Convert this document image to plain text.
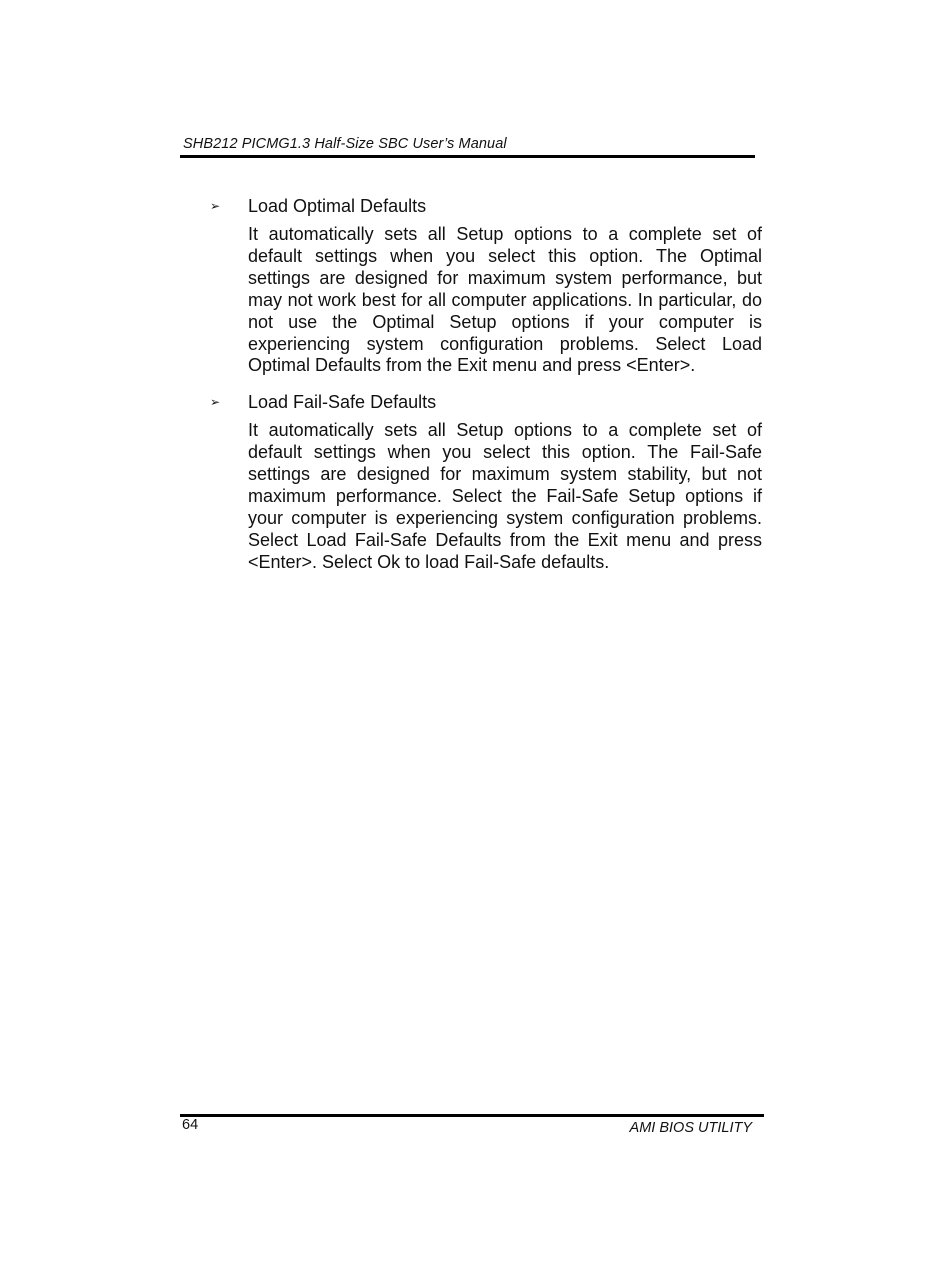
SHB212 PICMG1.3 Half-Size SBC User’s Manual
➢ Load Optimal Defaults
It automatically sets all Setup options to a complete set of default settings when you select this option. The Optimal settings are designed for maximum system performance, but may not work best for all computer applications. In particular, do not use the Optimal Setup options if your computer is experiencing system configuration problems. Select Load Optimal Defaults from the Exit menu and press <Enter>.
➢ Load Fail-Safe Defaults
It automatically sets all Setup options to a complete set of default settings when you select this option. The Fail-Safe settings are designed for maximum system stability, but not maximum performance. Select the Fail-Safe Setup options if your computer is experiencing system configuration problems. Select Load Fail-Safe Defaults from the Exit menu and press <Enter>. Select Ok to load Fail-Safe defaults.
64	AMI BIOS UTILITY
